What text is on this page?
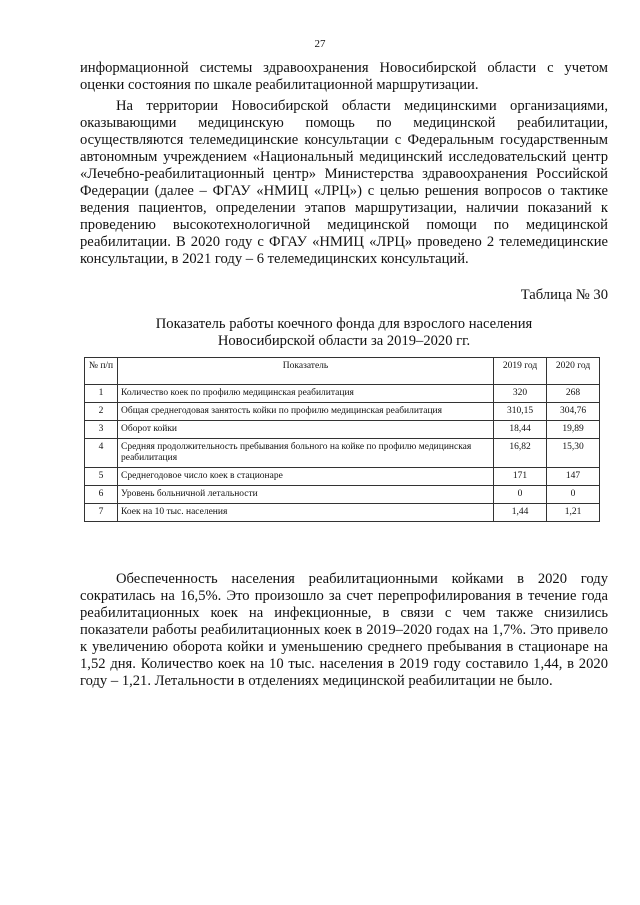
27

информационной системы здравоохранения Новосибирской области с учетом оценки состояния по шкале реабилитационной маршрутизации.

На территории Новосибирской области медицинскими организациями, оказывающими медицинскую помощь по медицинской реабилитации, осуществляются телемедицинские консультации с Федеральным государственным автономным учреждением «Национальный медицинский исследовательский центр «Лечебно-реабилитационный центр» Министерства здравоохранения Российской Федерации (далее – ФГАУ «НМИЦ «ЛРЦ») с целью решения вопросов о тактике ведения пациентов, определении этапов маршрутизации, наличии показаний к проведению высокотехнологичной медицинской помощи по медицинской реабилитации. В 2020 году с ФГАУ «НМИЦ «ЛРЦ» проведено 2 телемедицинские консультации, в 2021 году – 6 телемедицинских консультаций.

Таблица № 30
Показатель работы коечного фонда для взрослого населения
Новосибирской области за 2019–2020 гг.
№ п/п	Показатель	2019 год	2020 год
1	Количество коек по профилю медицинская реабилитация	320	268
2	Общая среднегодовая занятость койки по профилю медицинская реабилитация	310,15	304,76
3	Оборот койки	18,44	19,89
4	Средняя продолжительность пребывания больного на койке по профилю медицинская реабилитация	16,82	15,30
5	Среднегодовое число коек в стационаре	171	147
6	Уровень больничной летальности	0	0
7	Коек на 10 тыс. населения	1,44	1,21

Обеспеченность населения реабилитационными койками в 2020 году сократилась на 16,5%. Это произошло за счет перепрофилирования в течение года реабилитационных коек на инфекционные, в связи с чем также снизились показатели работы реабилитационных коек в 2019–2020 годах на 1,7%. Это привело к увеличению оборота койки и уменьшению среднего пребывания в стационаре на 1,52 дня. Количество коек на 10 тыс. населения в 2019 году составило 1,44, в 2020 году – 1,21. Летальности в отделениях медицинской реабилитации не было.
